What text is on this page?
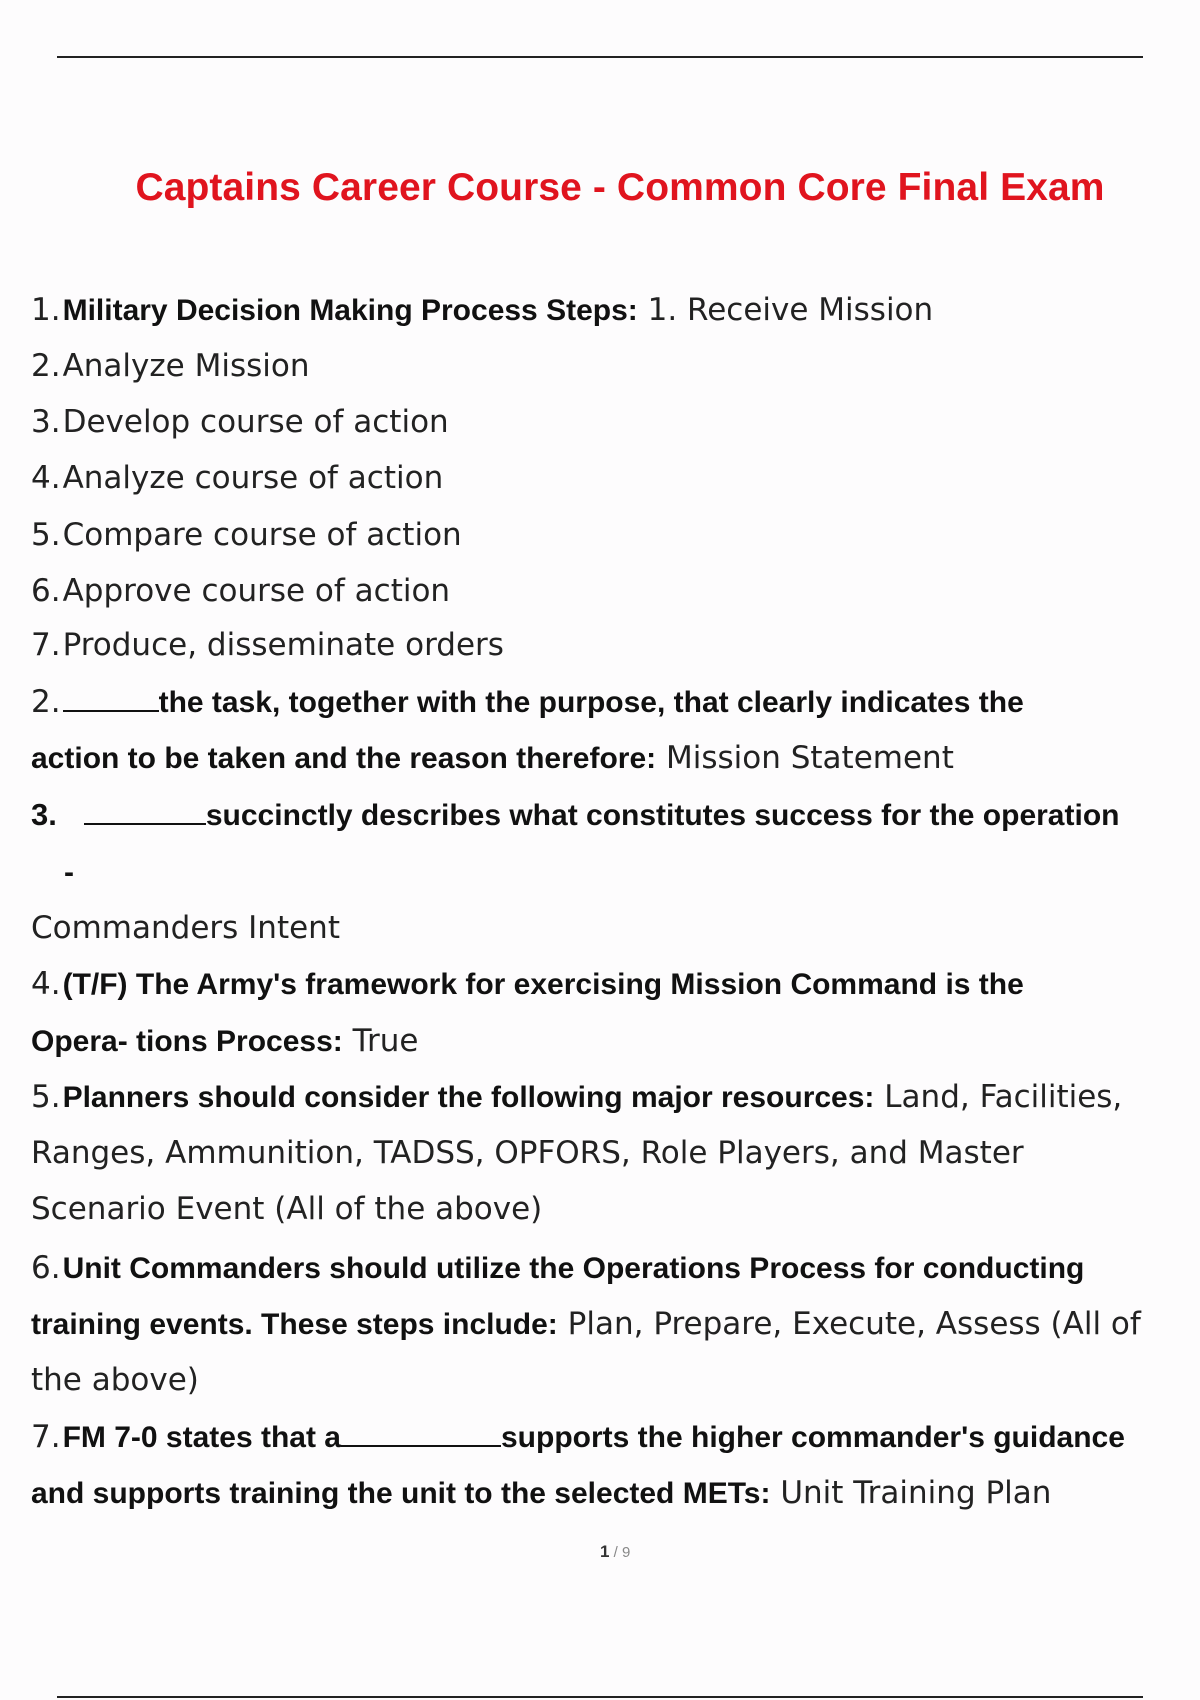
Captains Career Course - Common Core Final Exam
1.Military Decision Making Process Steps: 1. Receive Mission
2.Analyze Mission
3.Develop course of action
4.Analyze course of action
5.Compare course of action
6.Approve course of action
7.Produce, disseminate orders
2.	the task, together with the purpose, that clearly indicates the
action to be taken and the reason therefore: Mission Statement
3.	succinctly describes what constitutes success for the operation
-
Commanders Intent
4.(T/F) The Army's framework for exercising Mission Command is the
Opera- tions Process: True
5.Planners should consider the following major resources: Land, Facilities,
Ranges, Ammunition, TADSS, OPFORS, Role Players, and Master
Scenario Event (All of the above)
6.Unit Commanders should utilize the Operations Process for conducting
training events. These steps include: Plan, Prepare, Execute, Assess (All of
the above)
7.FM 7-0 states that a	supports the higher commander's guidance
and supports training the unit to the selected METs: Unit Training Plan
1 / 9
